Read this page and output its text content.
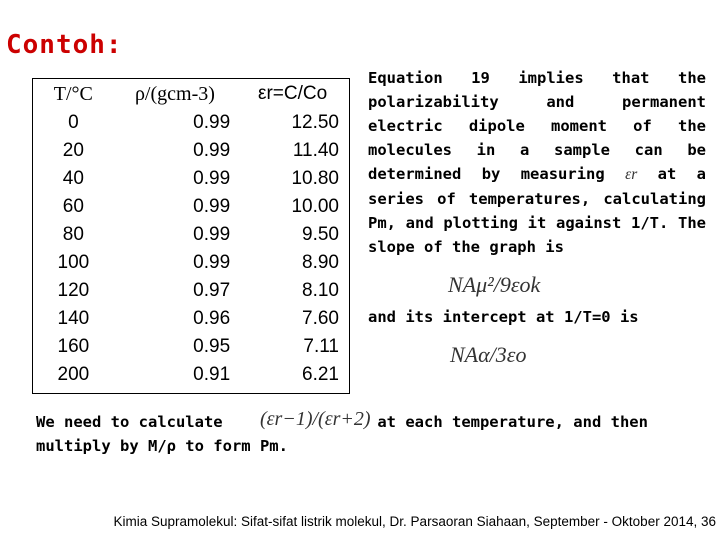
Contoh:
T/°C	ρ/(gcm-3)	εr=C/Co
0	0.99	12.50
20	0.99	11.40
40	0.99	10.80
60	0.99	10.00
80	0.99	9.50
100	0.99	8.90
120	0.97	8.10
140	0.96	7.60
160	0.95	7.11
200	0.91	6.21
Equation 19 implies that the polarizability and permanent electric dipole moment of the molecules in a sample can be determined by measuring εr at a series of temperatures, calculating Pm, and plotting it against 1/T. The slope of the graph is
NAμ²/9εok
and its intercept at 1/T=0 is
NAα/3εo
We need to calculate	at each temperature, and then
multiply by M/ρ to form Pm.
(εr−1)/(εr+2)
Kimia Supramolekul: Sifat-sifat listrik molekul, Dr. Parsaoran Siahaan, September - Oktober 2014, 36
